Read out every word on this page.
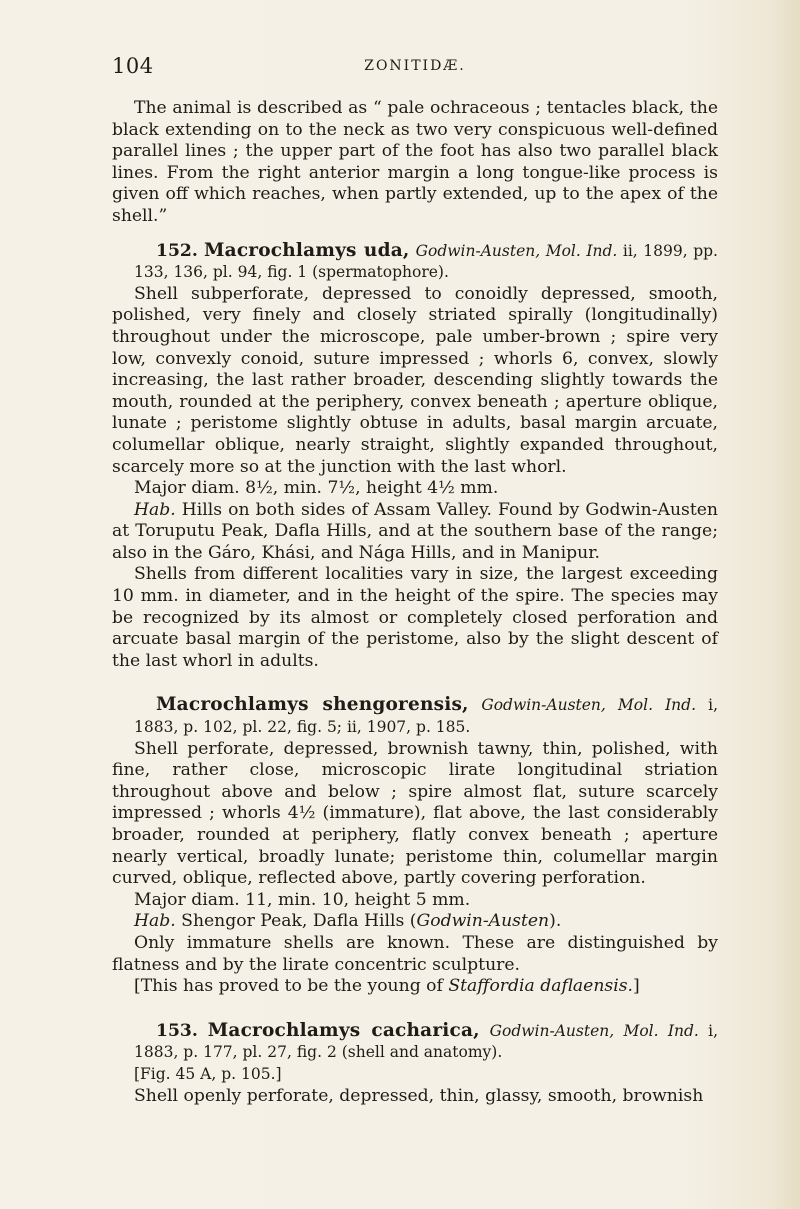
104	ZONITIDÆ.

The animal is described as “ pale ochraceous ; tentacles black, the black extending on to the neck as two very conspicuous well-defined parallel lines ; the upper part of the foot has also two parallel black lines. From the right anterior margin a long tongue-like process is given off which reaches, when partly extended, up to the apex of the shell.”

152. Macrochlamys uda, Godwin-Austen, Mol. Ind. ii, 1899, pp. 133, 136, pl. 94, fig. 1 (spermatophore).

Shell subperforate, depressed to conoidly depressed, smooth, polished, very finely and closely striated spirally (longitudinally) throughout under the microscope, pale umber-brown ; spire very low, convexly conoid, suture impressed ; whorls 6, convex, slowly increasing, the last rather broader, descending slightly towards the mouth, rounded at the periphery, convex beneath ; aperture oblique, lunate ; peristome slightly obtuse in adults, basal margin arcuate, columellar oblique, nearly straight, slightly expanded throughout, scarcely more so at the junction with the last whorl.

Major diam. 8½, min. 7½, height 4½ mm.

Hab. Hills on both sides of Assam Valley. Found by Godwin-Austen at Toruputu Peak, Dafla Hills, and at the southern base of the range; also in the Gáro, Khási, and Nága Hills, and in Manipur.

Shells from different localities vary in size, the largest exceeding 10 mm. in diameter, and in the height of the spire. The species may be recognized by its almost or completely closed perforation and arcuate basal margin of the peristome, also by the slight descent of the last whorl in adults.

Macrochlamys shengorensis, Godwin-Austen, Mol. Ind. i, 1883, p. 102, pl. 22, fig. 5; ii, 1907, p. 185.

Shell perforate, depressed, brownish tawny, thin, polished, with fine, rather close, microscopic lirate longitudinal striation throughout above and below ; spire almost flat, suture scarcely impressed ; whorls 4½ (immature), flat above, the last considerably broader, rounded at periphery, flatly convex beneath ; aperture nearly vertical, broadly lunate; peristome thin, columellar margin curved, oblique, reflected above, partly covering perforation.

Major diam. 11, min. 10, height 5 mm.

Hab. Shengor Peak, Dafla Hills (Godwin-Austen).

Only immature shells are known. These are distinguished by flatness and by the lirate concentric sculpture.

[This has proved to be the young of Staffordia daflaensis.]

153. Macrochlamys cacharica, Godwin-Austen, Mol. Ind. i, 1883, p. 177, pl. 27, fig. 2 (shell and anatomy).

[Fig. 45 A, p. 105.]

Shell openly perforate, depressed, thin, glassy, smooth, brownish
